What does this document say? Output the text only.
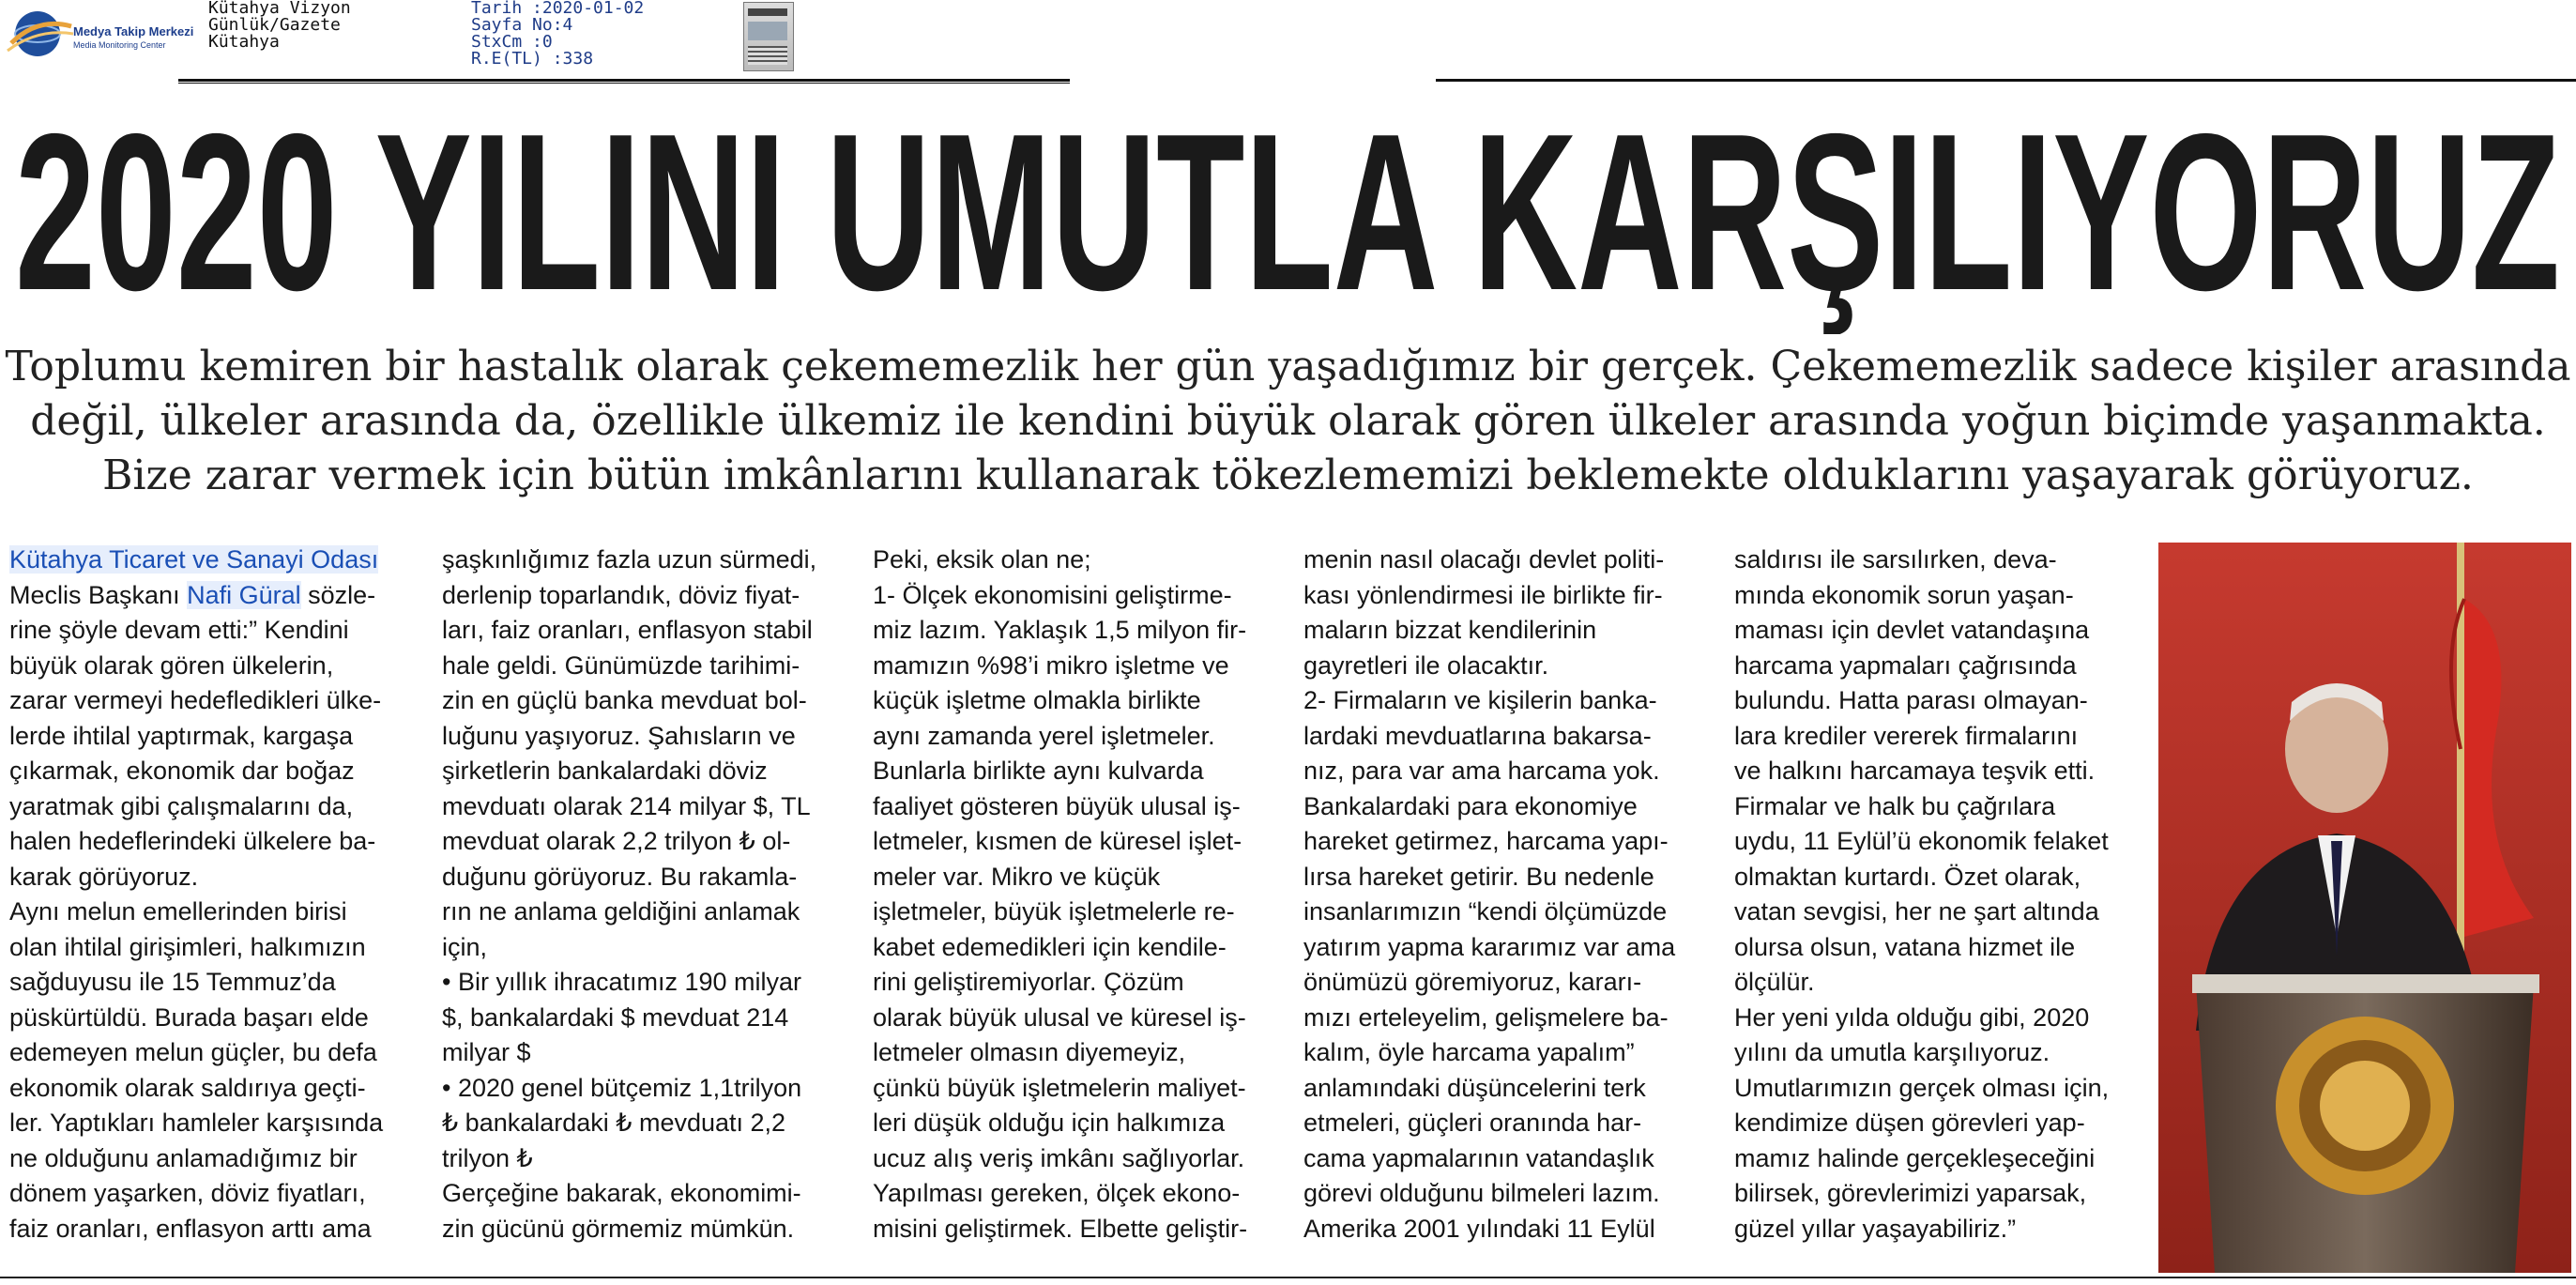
Medya Takip Merkezi
Media Monitoring Center
Kütahya Vizyon
Günlük/Gazete
Kütahya
Tarih :2020-01-02
Sayfa No:4
StxCm :0
R.E(TL) :338
2020 YILINI UMUTLA KARŞILIYORUZ
Toplumu kemiren bir hastalık olarak çekememezlik her gün yaşadığımız bir gerçek. Çekememezlik sadece kişiler arasında
değil, ülkeler arasında da, özellikle ülkemiz ile kendini büyük olarak gören ülkeler arasında yoğun biçimde yaşanmakta.
Bize zarar vermek için bütün imkânlarını kullanarak tökezlememizi beklemekte olduklarını yaşayarak görüyoruz.
Kütahya Ticaret ve Sanayi Odası
Meclis Başkanı Nafi Güral sözle-
rine şöyle devam etti:” Kendini
büyük olarak gören ülkelerin,
zarar vermeyi hedefledikleri ülke-
lerde ihtilal yaptırmak, kargaşa
çıkarmak, ekonomik dar boğaz
yaratmak gibi çalışmalarını da,
halen hedeflerindeki ülkelere ba-
karak görüyoruz.
Aynı melun emellerinden birisi
olan ihtilal girişimleri, halkımızın
sağduyusu ile 15 Temmuz’da
püskürtüldü. Burada başarı elde
edemeyen melun güçler, bu defa
ekonomik olarak saldırıya geçti-
ler. Yaptıkları hamleler karşısında
ne olduğunu anlamadığımız bir
dönem yaşarken, döviz fiyatları,
faiz oranları, enflasyon arttı ama
şaşkınlığımız fazla uzun sürmedi,
derlenip toparlandık, döviz fiyat-
ları, faiz oranları, enflasyon stabil
hale geldi. Günümüzde tarihimi-
zin en güçlü banka mevduat bol-
luğunu yaşıyoruz. Şahısların ve
şirketlerin bankalardaki döviz
mevduatı olarak 214 milyar $, TL
mevduat olarak 2,2 trilyon ₺ ol-
duğunu görüyoruz. Bu rakamla-
rın ne anlama geldiğini anlamak
için,
• Bir yıllık ihracatımız 190 milyar
$, bankalardaki $ mevduat 214
milyar $
• 2020 genel bütçemiz 1,1trilyon
₺ bankalardaki ₺ mevduatı 2,2
trilyon ₺
Gerçeğine bakarak, ekonomimi-
zin gücünü görmemiz mümkün.
Peki, eksik olan ne;
1- Ölçek ekonomisini geliştirme-
miz lazım. Yaklaşık 1,5 milyon fir-
mamızın %98’i mikro işletme ve
küçük işletme olmakla birlikte
aynı zamanda yerel işletmeler.
Bunlarla birlikte aynı kulvarda
faaliyet gösteren büyük ulusal iş-
letmeler, kısmen de küresel işlet-
meler var. Mikro ve küçük
işletmeler, büyük işletmelerle re-
kabet edemedikleri için kendile-
rini geliştiremiyorlar. Çözüm
olarak büyük ulusal ve küresel iş-
letmeler olmasın diyemeyiz,
çünkü büyük işletmelerin maliyet-
leri düşük olduğu için halkımıza
ucuz alış veriş imkânı sağlıyorlar.
Yapılması gereken, ölçek ekono-
misini geliştirmek. Elbette geliştir-
menin nasıl olacağı devlet politi-
kası yönlendirmesi ile birlikte fir-
maların bizzat kendilerinin
gayretleri ile olacaktır.
2- Firmaların ve kişilerin banka-
lardaki mevduatlarına bakarsa-
nız, para var ama harcama yok.
Bankalardaki para ekonomiye
hareket getirmez, harcama yapı-
lırsa hareket getirir. Bu nedenle
insanlarımızın “kendi ölçümüzde
yatırım yapma kararımız var ama
önümüzü göremiyoruz, kararı-
mızı erteleyelim, gelişmelere ba-
kalım, öyle harcama yapalım”
anlamındaki düşüncelerini terk
etmeleri, güçleri oranında har-
cama yapmalarının vatandaşlık
görevi olduğunu bilmeleri lazım.
Amerika 2001 yılındaki 11 Eylül
saldırısı ile sarsılırken, deva-
mında ekonomik sorun yaşan-
maması için devlet vatandaşına
harcama yapmaları çağrısında
bulundu. Hatta parası olmayan-
lara krediler vererek firmalarını
ve halkını harcamaya teşvik etti.
Firmalar ve halk bu çağrılara
uydu, 11 Eylül’ü ekonomik felaket
olmaktan kurtardı. Özet olarak,
vatan sevgisi, her ne şart altında
olursa olsun, vatana hizmet ile
ölçülür.
Her yeni yılda olduğu gibi, 2020
yılını da umutla karşılıyoruz.
Umutlarımızın gerçek olması için,
kendimize düşen görevleri yap-
mamız halinde gerçekleşeceğini
bilirsek, görevlerimizi yaparsak,
güzel yıllar yaşayabiliriz.”
